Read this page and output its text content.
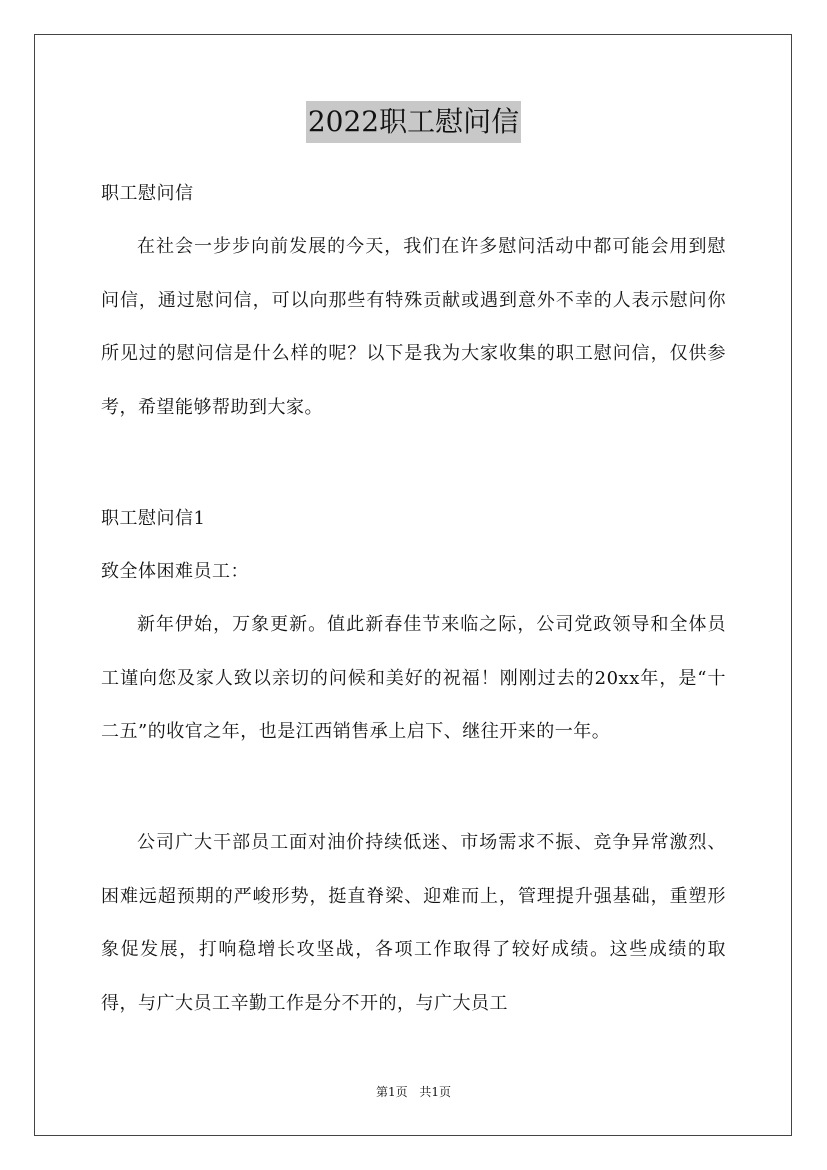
2022职工慰问信

职工慰问信

在社会一步步向前发展的今天，我们在许多慰问活动中都可能会用到慰问信，通过慰问信，可以向那些有特殊贡献或遇到意外不幸的人表示慰问你所见过的慰问信是什么样的呢？以下是我为大家收集的职工慰问信，仅供参考，希望能够帮助到大家。

职工慰问信1

致全体困难员工：

新年伊始，万象更新。值此新春佳节来临之际，公司党政领导和全体员工谨向您及家人致以亲切的问候和美好的祝福！刚刚过去的20xx年，是“十二五”的收官之年，也是江西销售承上启下、继往开来的一年。

公司广大干部员工面对油价持续低迷、市场需求不振、竞争异常激烈、困难远超预期的严峻形势，挺直脊梁、迎难而上，管理提升强基础，重塑形象促发展，打响稳增长攻坚战，各项工作取得了较好成绩。这些成绩的取得，与广大员工辛勤工作是分不开的，与广大员工

第1页 共1页
